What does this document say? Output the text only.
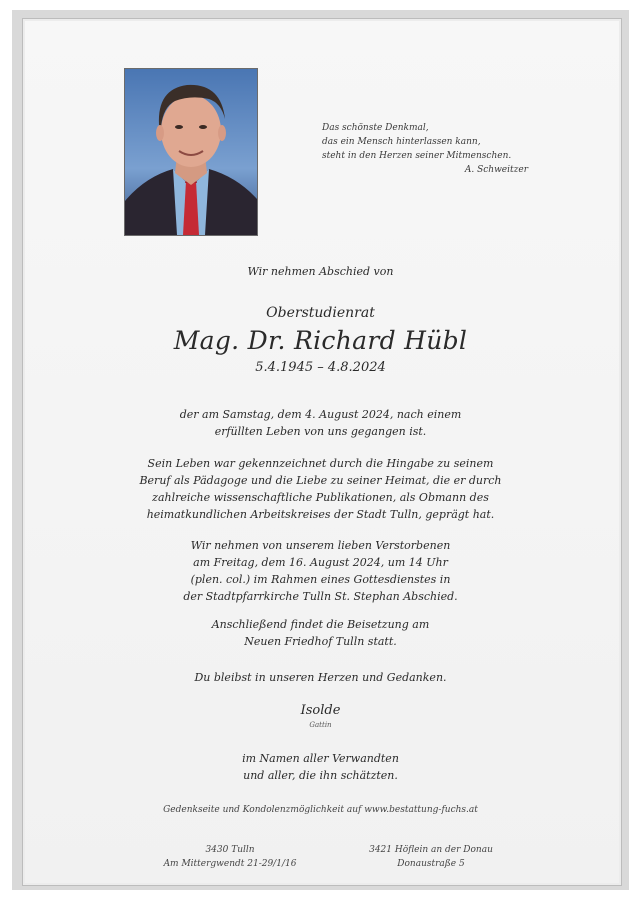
Das schönste Denkmal,
das ein Mensch hinterlassen kann,
steht in den Herzen seiner Mitmenschen.
A. Schweitzer
Wir nehmen Abschied von
Oberstudienrat
Mag. Dr. Richard Hübl
5.4.1945 – 4.8.2024
der am Samstag, dem 4. August 2024, nach einem
erfüllten Leben von uns gegangen ist.
Sein Leben war gekennzeichnet durch die Hingabe zu seinem
Beruf als Pädagoge und die Liebe zu seiner Heimat, die er durch
zahlreiche wissenschaftliche Publikationen, als Obmann des
heimatkundlichen Arbeitskreises der Stadt Tulln, geprägt hat.
Wir nehmen von unserem lieben Verstorbenen
am Freitag, dem 16. August 2024, um 14 Uhr
(plen. col.) im Rahmen eines Gottesdienstes in
der Stadtpfarrkirche Tulln St. Stephan Abschied.
Anschließend findet die Beisetzung am
Neuen Friedhof Tulln statt.
Du bleibst in unseren Herzen und Gedanken.
Isolde
Gattin
im Namen aller Verwandten
und aller, die ihn schätzten.
Gedenkseite und Kondolenzmöglichkeit auf www.bestattung-fuchs.at
3430 Tulln
Am Mittergwendt 21-29/1/16
3421 Höflein an der Donau
Donaustraße 5
